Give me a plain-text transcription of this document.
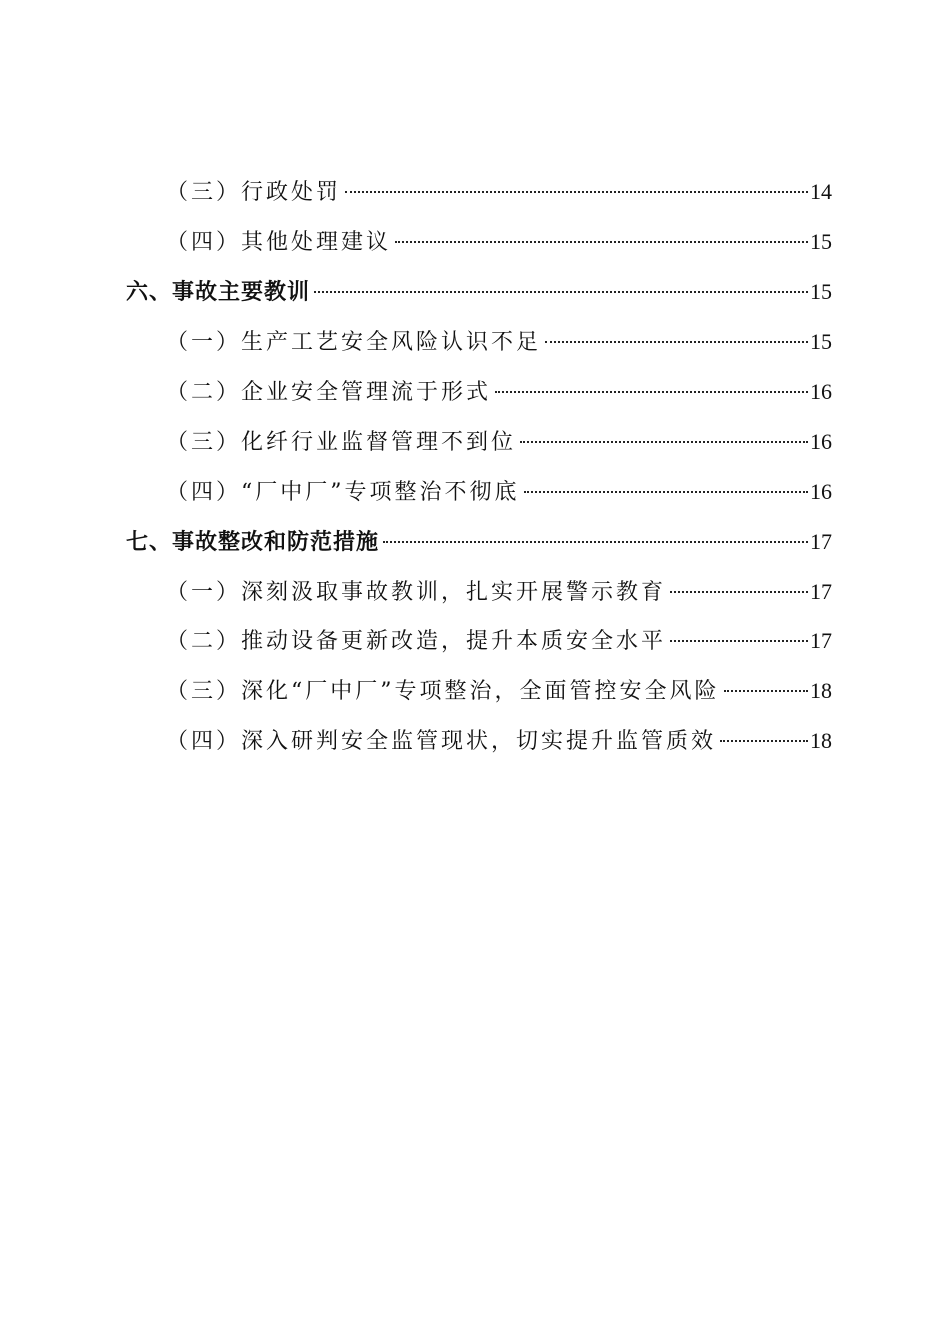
（三）行政处罚	14
（四）其他处理建议	15
六、事故主要教训	15
（一）生产工艺安全风险认识不足	15
（二）企业安全管理流于形式	16
（三）化纤行业监督管理不到位	16
（四）“厂中厂”专项整治不彻底	16
七、事故整改和防范措施	17
（一）深刻汲取事故教训，扎实开展警示教育	17
（二）推动设备更新改造，提升本质安全水平	17
（三）深化“厂中厂”专项整治，全面管控安全风险	18
（四）深入研判安全监管现状，切实提升监管质效	18
